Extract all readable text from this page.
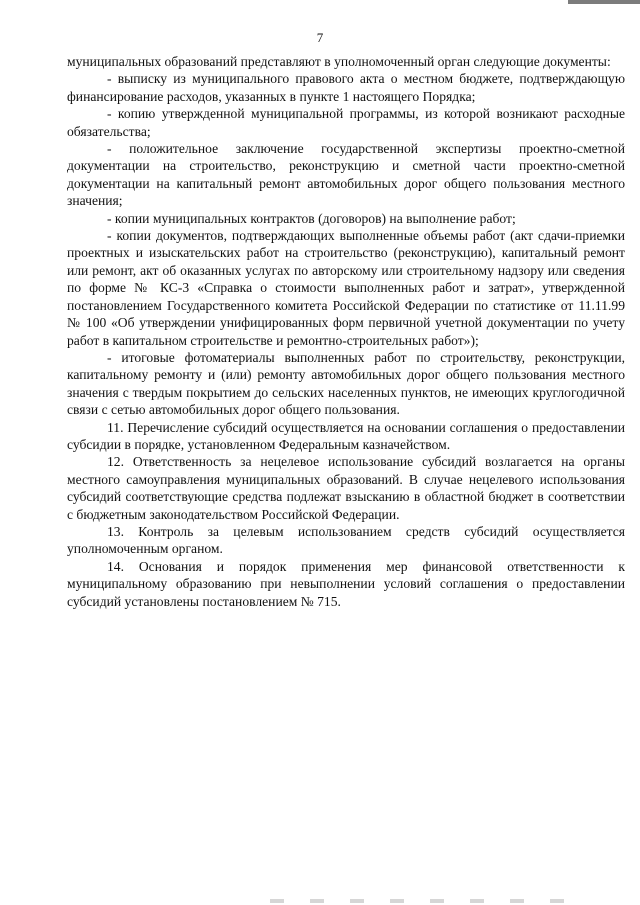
7

муниципальных образований представляют в уполномоченный орган следующие документы:

- выписку из муниципального правового акта о местном бюджете, подтверждающую финансирование расходов, указанных в пункте 1 настоящего Порядка;

- копию утвержденной муниципальной программы, из которой возникают расходные обязательства;

- положительное заключение государственной экспертизы проектно-сметной документации на строительство, реконструкцию и сметной части проектно-сметной документации на капитальный ремонт автомобильных дорог общего пользования местного значения;

- копии муниципальных контрактов (договоров) на выполнение работ;

- копии документов, подтверждающих выполненные объемы работ (акт сдачи-приемки проектных и изыскательских работ на строительство (реконструкцию), капитальный ремонт или ремонт, акт об оказанных услугах по авторскому или строительному надзору или сведения по форме № КС-3 «Справка о стоимости выполненных работ и затрат», утвержденной постановлением Государственного комитета Российской Федерации по статистике от 11.11.99 № 100 «Об утверждении унифицированных форм первичной учетной документации по учету работ в капитальном строительстве и ремонтно-строительных работ»);

- итоговые фотоматериалы выполненных работ по строительству, реконструкции, капитальному ремонту и (или) ремонту автомобильных дорог общего пользования местного значения с твердым покрытием до сельских населенных пунктов, не имеющих круглогодичной связи с сетью автомобильных дорог общего пользования.

11. Перечисление субсидий осуществляется на основании соглашения о предоставлении субсидии в порядке, установленном Федеральным казначейством.

12. Ответственность за нецелевое использование субсидий возлагается на органы местного самоуправления муниципальных образований. В случае нецелевого использования субсидий соответствующие средства подлежат взысканию в областной бюджет в соответствии с бюджетным законодательством Российской Федерации.

13. Контроль за целевым использованием средств субсидий осуществляется уполномоченным органом.

14. Основания и порядок применения мер финансовой ответственности к муниципальному образованию при невыполнении условий соглашения о предоставлении субсидий установлены постановлением № 715.
